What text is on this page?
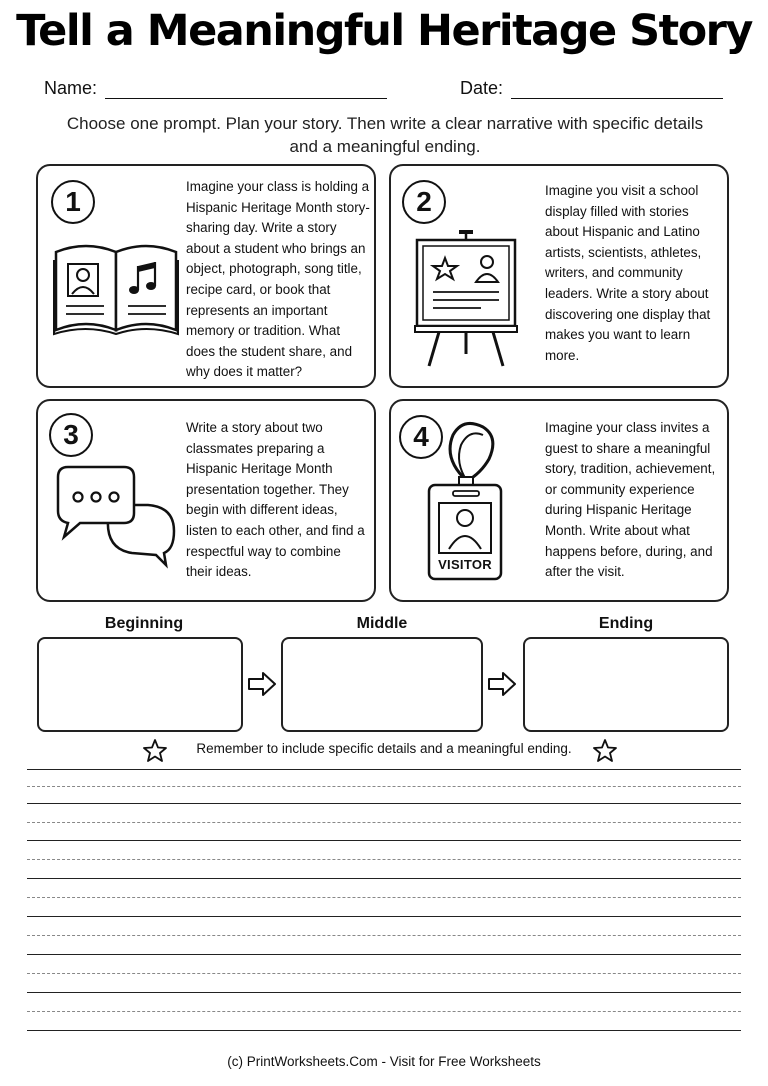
Tell a Meaningful Heritage Story
Name:	Date:
Choose one prompt. Plan your story. Then write a clear narrative with specific details and a meaningful ending.
1	Imagine your class is holding a Hispanic Heritage Month story-sharing day. Write a story about a student who brings an object, photograph, song title, recipe card, or book that represents an important memory or tradition. What does the student share, and why does it matter?
2	Imagine you visit a school display filled with stories about Hispanic and Latino artists, scientists, athletes, writers, and community leaders. Write a story about discovering one display that makes you want to learn more.
3	Write a story about two classmates preparing a Hispanic Heritage Month presentation together. They begin with different ideas, listen to each other, and find a respectful way to combine their ideas.
4
VISITOR
Imagine your class invites a guest to share a meaningful story, tradition, achievement, or community experience during Hispanic Heritage Month. Write about what happens before, during, and after the visit.
Beginning	Middle	Ending
Remember to include specific details and a meaningful ending.
(c) PrintWorksheets.Com - Visit for Free Worksheets
